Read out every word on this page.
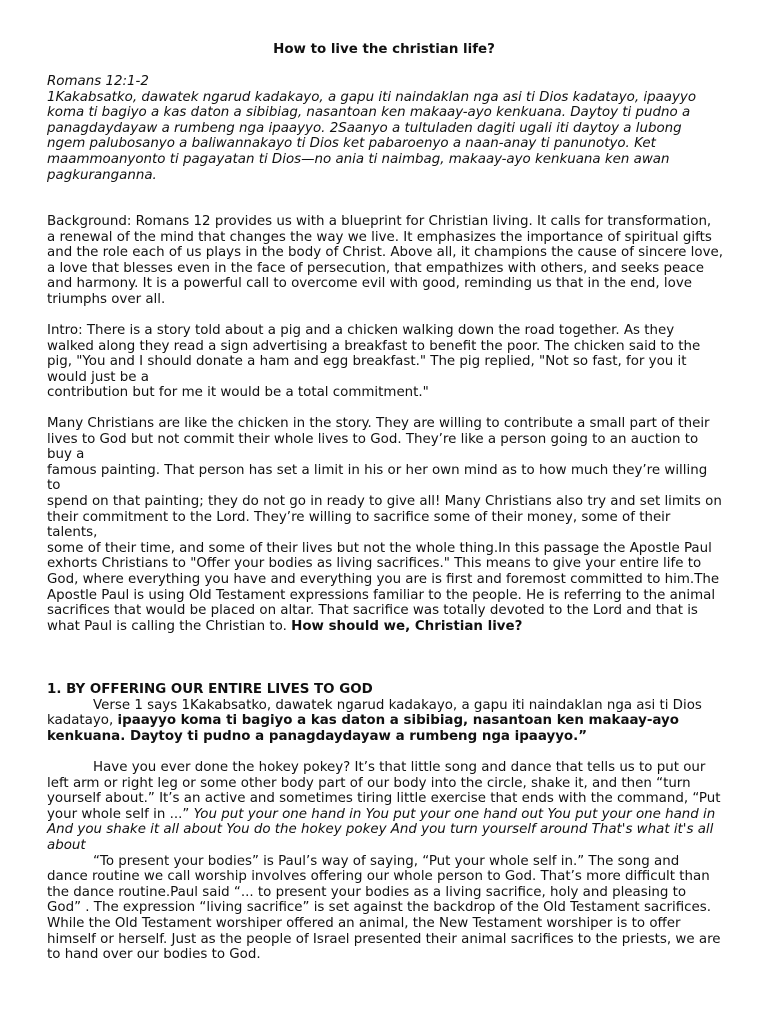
How to live the christian life?

Romans 12:1-2

1Kakabsatko, dawatek ngarud kadakayo, a gapu iti naindaklan nga asi ti Dios kadatayo, ipaayyo koma ti bagiyo a kas daton a sibibiag, nasantoan ken makaay-ayo kenkuana. Daytoy ti pudno a panagdaydayaw a rumbeng nga ipaayyo. 2Saanyo a tultuladen dagiti ugali iti daytoy a lubong ngem palubosanyo a baliwannakayo ti Dios ket pabaroenyo a naan-anay ti panunotyo. Ket maammoanyonto ti pagayatan ti Dios—no ania ti naimbag, makaay-ayo kenkuana ken awan pagkuranganna.

Background: Romans 12 provides us with a blueprint for Christian living. It calls for transformation, a renewal of the mind that changes the way we live. It emphasizes the importance of spiritual gifts and the role each of us plays in the body of Christ. Above all, it champions the cause of sincere love, a love that blesses even in the face of persecution, that empathizes with others, and seeks peace and harmony. It is a powerful call to overcome evil with good, reminding us that in the end, love triumphs over all.

Intro: There is a story told about a pig and a chicken walking down the road together. As they walked along they read a sign advertising a breakfast to benefit the poor. The chicken said to the pig, "You and I should donate a ham and egg breakfast." The pig replied, "Not so fast, for you it would just be a

contribution but for me it would be a total commitment."

Many Christians are like the chicken in the story. They are willing to contribute a small part of their lives to God but not commit their whole lives to God. They’re like a person going to an auction to buy a
famous painting. That person has set a limit in his or her own mind as to how much they’re willing to
spend on that painting; they do not go in ready to give all! Many Christians also try and set limits on
their commitment to the Lord. They’re willing to sacrifice some of their money, some of their talents,
some of their time, and some of their lives but not the whole thing.In this passage the Apostle Paul exhorts Christians to "Offer your bodies as living sacrifices." This means to give your entire life to God, where everything you have and everything you are is first and foremost committed to him.The Apostle Paul is using Old Testament expressions familiar to the people. He is referring to the animal sacrifices that would be placed on altar. That sacrifice was totally devoted to the Lord and that is what Paul is calling the Christian to. How should we, Christian live?

1. BY OFFERING OUR ENTIRE LIVES TO GOD

Verse 1 says 1Kakabsatko, dawatek ngarud kadakayo, a gapu iti naindaklan nga asi ti Dios kadatayo, ipaayyo koma ti bagiyo a kas daton a sibibiag, nasantoan ken makaay-ayo kenkuana. Daytoy ti pudno a panagdaydayaw a rumbeng nga ipaayyo.”

Have you ever done the hokey pokey? It’s that little song and dance that tells us to put our left arm or right leg or some other body part of our body into the circle, shake it, and then “turn yourself about.” It’s an active and sometimes tiring little exercise that ends with the command, “Put your whole self in ...” You put your one hand in You put your one hand out You put your one hand in And you shake it all about You do the hokey pokey And you turn yourself around That's what it's all about

“To present your bodies” is Paul’s way of saying, “Put your whole self in.” The song and dance routine we call worship involves offering our whole person to God. That’s more difficult than the dance routine.Paul said “... to present your bodies as a living sacrifice, holy and pleasing to God” . The expression “living sacrifice” is set against the backdrop of the Old Testament sacrifices. While the Old Testament worshiper offered an animal, the New Testament worshiper is to offer himself or herself. Just as the people of Israel presented their animal sacrifices to the priests, we are to hand over our bodies to God.
